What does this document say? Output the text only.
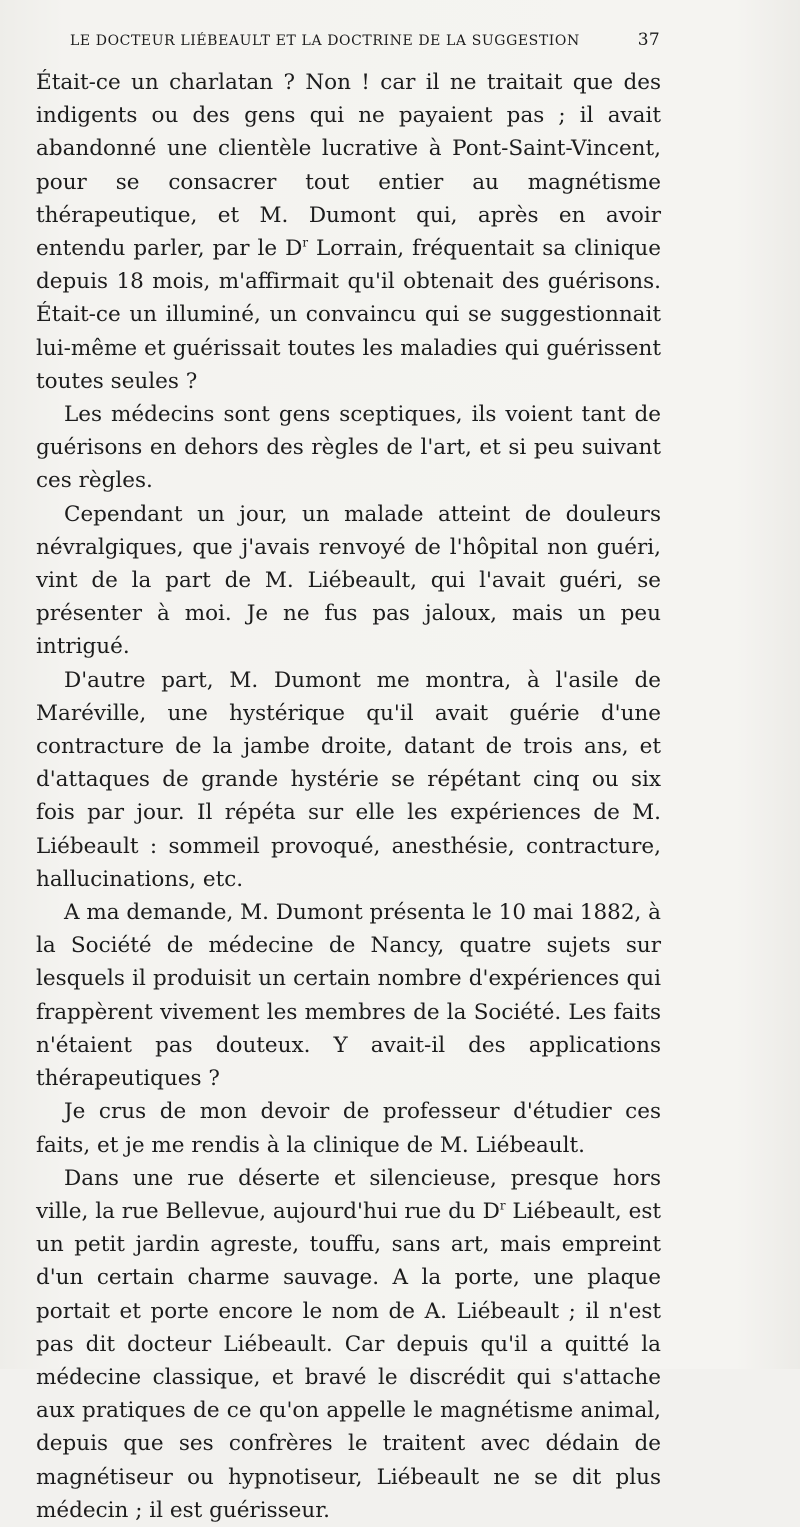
LE DOCTEUR LIÉBEAULT ET LA DOCTRINE DE LA SUGGESTION	37

Était-ce un charlatan ? Non ! car il ne traitait que des indigents ou des gens qui ne payaient pas ; il avait abandonné une clientèle lucrative à Pont-Saint-Vincent, pour se consacrer tout entier au magnétisme thérapeutique, et M. Dumont qui, après en avoir entendu parler, par le $D^r$ Lorrain, fréquentait sa clinique depuis 18 mois, m'affirmait qu'il obtenait des guérisons. Était-ce un illuminé, un convaincu qui se suggestionnait lui-même et guérissait toutes les maladies qui guérissent toutes seules ?

Les médecins sont gens sceptiques, ils voient tant de guérisons en dehors des règles de l'art, et si peu suivant ces règles.

Cependant un jour, un malade atteint de douleurs névralgiques, que j'avais renvoyé de l'hôpital non guéri, vint de la part de M. Liébeault, qui l'avait guéri, se présenter à moi. Je ne fus pas jaloux, mais un peu intrigué.

D'autre part, M. Dumont me montra, à l'asile de Maréville, une hystérique qu'il avait guérie d'une contracture de la jambe droite, datant de trois ans, et d'attaques de grande hystérie se répétant cinq ou six fois par jour. Il répéta sur elle les expériences de M. Liébeault : sommeil provoqué, anesthésie, contracture, hallucinations, etc.

A ma demande, M. Dumont présenta le 10 mai 1882, à la Société de médecine de Nancy, quatre sujets sur lesquels il produisit un certain nombre d'expériences qui frappèrent vivement les membres de la Société. Les faits n'étaient pas douteux. Y avait-il des applications thérapeutiques ?

Je crus de mon devoir de professeur d'étudier ces faits, et je me rendis à la clinique de M. Liébeault.

Dans une rue déserte et silencieuse, presque hors ville, la rue Bellevue, aujourd'hui rue du $D^r$ Liébeault, est un petit jardin agreste, touffu, sans art, mais empreint d'un certain charme sauvage. A la porte, une plaque portait et porte encore le nom de A. Liébeault ; il n'est pas dit docteur Liébeault. Car depuis qu'il a quitté la médecine classique, et bravé le discrédit qui s'attache aux pratiques de ce qu'on appelle le magnétisme animal, depuis que ses confrères le traitent avec dédain de magnétiseur ou hypnotiseur, Liébeault ne se dit plus médecin ; il est guérisseur.
